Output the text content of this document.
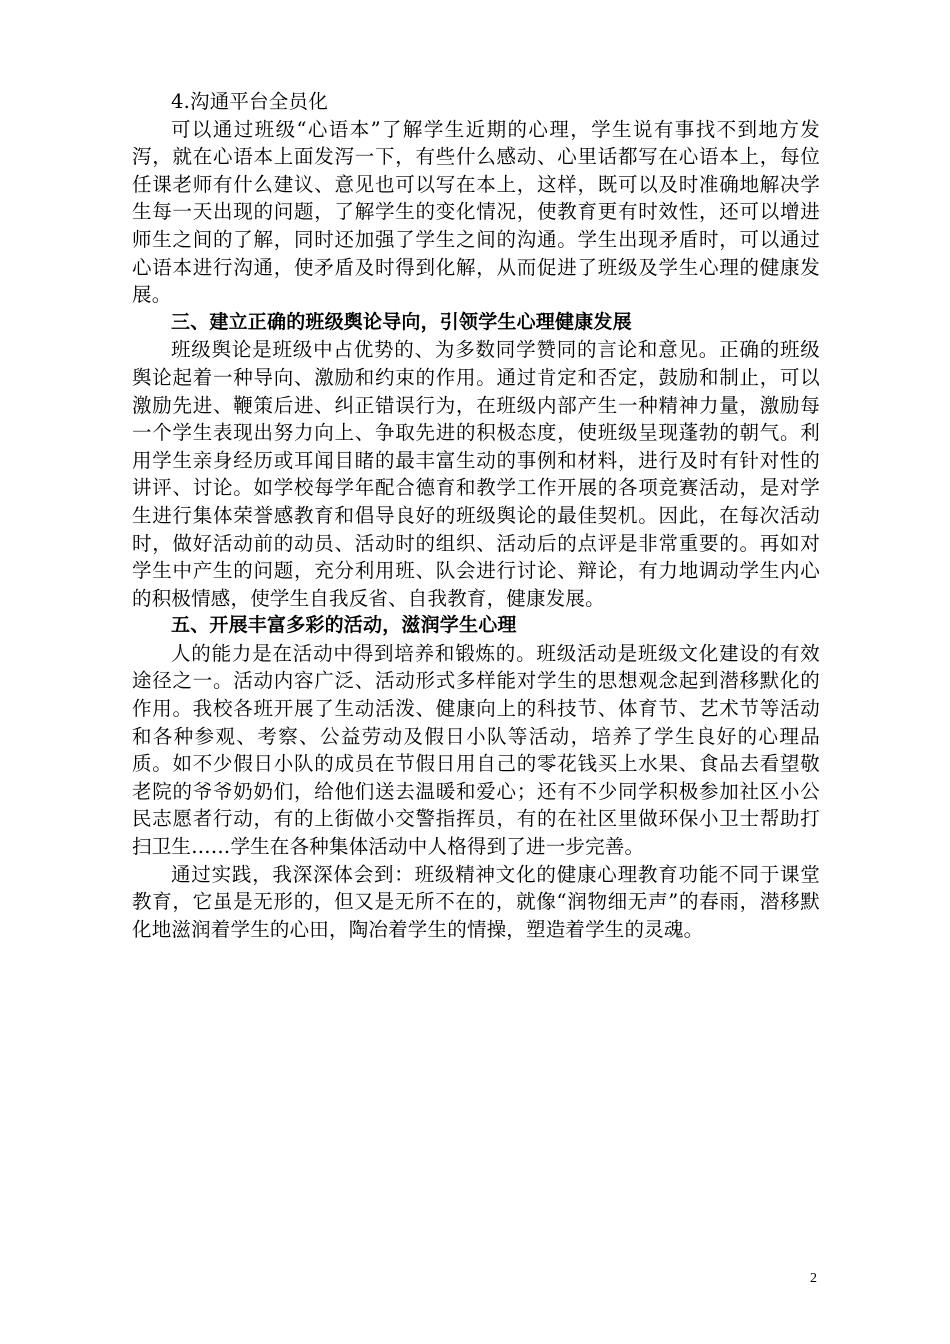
4.沟通平台全员化

可以通过班级“心语本”了解学生近期的心理，学生说有事找不到地方发泻，就在心语本上面发泻一下，有些什么感动、心里话都写在心语本上，每位任课老师有什么建议、意见也可以写在本上，这样，既可以及时准确地解决学生每一天出现的问题，了解学生的变化情况，使教育更有时效性，还可以增进师生之间的了解，同时还加强了学生之间的沟通。学生出现矛盾时，可以通过心语本进行沟通，使矛盾及时得到化解，从而促进了班级及学生心理的健康发展。

三、建立正确的班级舆论导向，引领学生心理健康发展

班级舆论是班级中占优势的、为多数同学赞同的言论和意见。正确的班级舆论起着一种导向、激励和约束的作用。通过肯定和否定，鼓励和制止，可以激励先进、鞭策后进、纠正错误行为，在班级内部产生一种精神力量，激励每一个学生表现出努力向上、争取先进的积极态度，使班级呈现蓬勃的朝气。利用学生亲身经历或耳闻目睹的最丰富生动的事例和材料，进行及时有针对性的讲评、讨论。如学校每学年配合德育和教学工作开展的各项竞赛活动，是对学生进行集体荣誉感教育和倡导良好的班级舆论的最佳契机。因此，在每次活动时，做好活动前的动员、活动时的组织、活动后的点评是非常重要的。再如对学生中产生的问题，充分利用班、队会进行讨论、辩论，有力地调动学生内心的积极情感，使学生自我反省、自我教育，健康发展。

五、开展丰富多彩的活动，滋润学生心理

人的能力是在活动中得到培养和锻炼的。班级活动是班级文化建设的有效途径之一。活动内容广泛、活动形式多样能对学生的思想观念起到潜移默化的作用。我校各班开展了生动活泼、健康向上的科技节、体育节、艺术节等活动和各种参观、考察、公益劳动及假日小队等活动，培养了学生良好的心理品质。如不少假日小队的成员在节假日用自己的零花钱买上水果、食品去看望敬老院的爷爷奶奶们，给他们送去温暖和爱心；还有不少同学积极参加社区小公民志愿者行动，有的上街做小交警指挥员，有的在社区里做环保小卫士帮助打扫卫生……学生在各种集体活动中人格得到了进一步完善。

通过实践，我深深体会到：班级精神文化的健康心理教育功能不同于课堂教育，它虽是无形的，但又是无所不在的，就像“润物细无声”的春雨，潜移默化地滋润着学生的心田，陶冶着学生的情操，塑造着学生的灵魂。

2
